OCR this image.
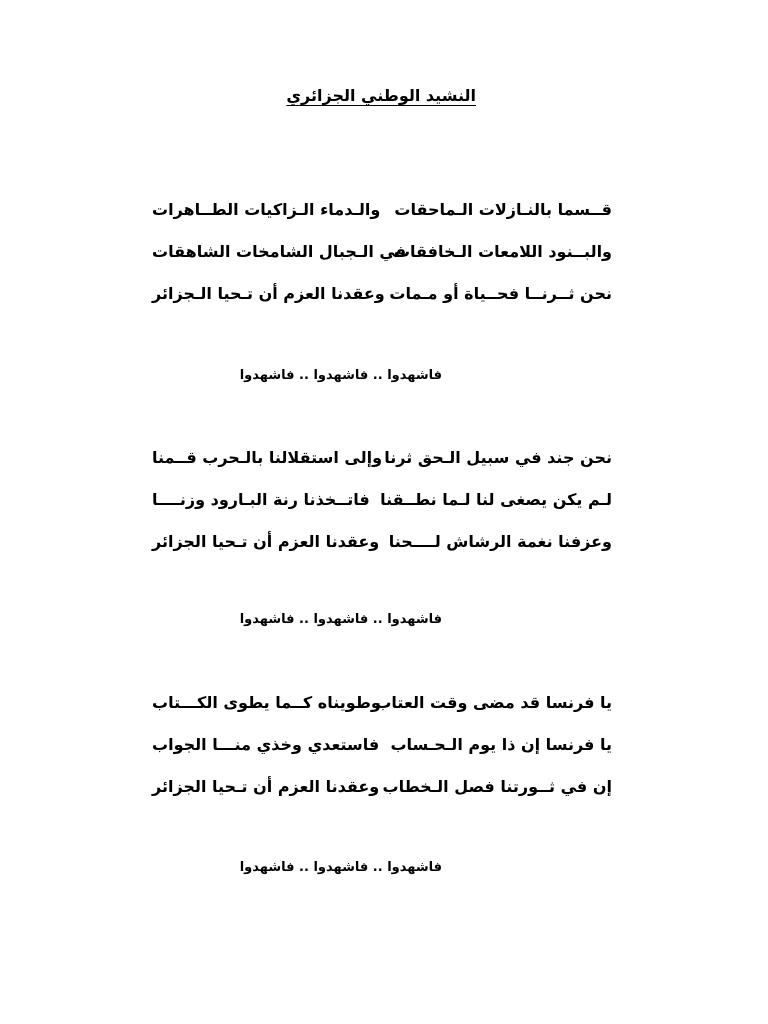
النشيد الوطني الجزائري
قــسما بالنـازلات الـماحقات
والـدماء الـزاكيات الطــاهرات
والبــنود اللامعات الـخافقات
في الـجبال الشامخات الشاهقات
نحن ثــرنــا فحــياة أو مـمات
وعقدنا العزم أن تـحيا الـجزائر
فاشهدوا .. فاشهدوا .. فاشهدوا
نحن جند في سبيل الـحق ثرنا
وإلى استقلالنا بالـحرب قــمنا
لـم يكن يصغى لنا لـما نطــقنا
فاتــخذنا رنة البـارود وزنــــا
وعزفنا نغمة الرشاش لــــحنا
وعقدنا العزم أن تـحيا الجزائر
فاشهدوا .. فاشهدوا .. فاشهدوا
يا فرنسا قد مضى وقت العتاب
وطويناه كــما يطوى الكـــتاب
يا فرنسا إن ذا يوم الـحـساب
فاستعدي وخذي منـــا الجواب
إن في ثــورتنا فصل الـخطاب
وعقدنا العزم أن تـحيا الجزائر
فاشهدوا .. فاشهدوا .. فاشهدوا
